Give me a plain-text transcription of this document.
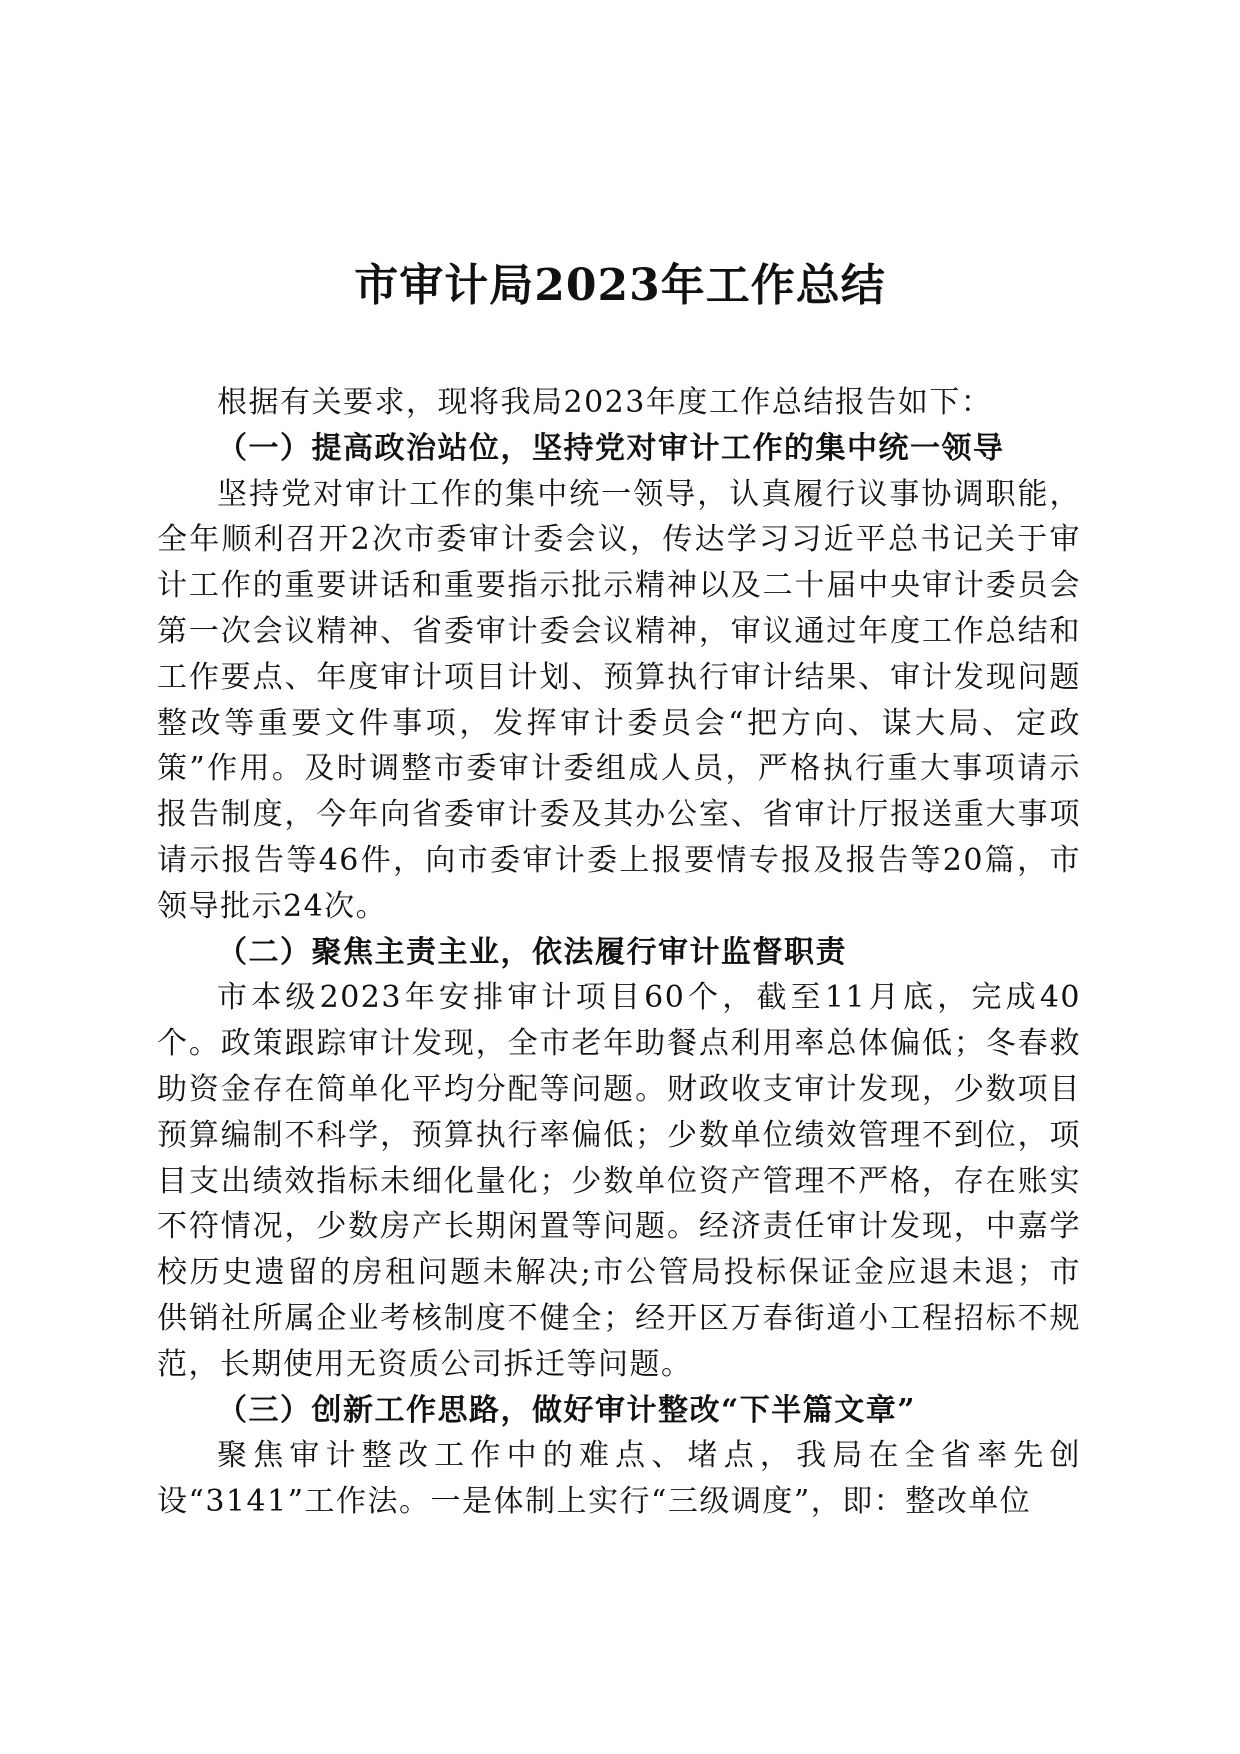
市审计局2023年工作总结

根据有关要求，现将我局2023年度工作总结报告如下：

（一）提高政治站位，坚持党对审计工作的集中统一领导

坚持党对审计工作的集中统一领导，认真履行议事协调职能，全年顺利召开2次市委审计委会议，传达学习习近平总书记关于审计工作的重要讲话和重要指示批示精神以及二十届中央审计委员会第一次会议精神、省委审计委会议精神，审议通过年度工作总结和工作要点、年度审计项目计划、预算执行审计结果、审计发现问题整改等重要文件事项，发挥审计委员会“把方向、谋大局、定政策”作用。及时调整市委审计委组成人员，严格执行重大事项请示报告制度，今年向省委审计委及其办公室、省审计厅报送重大事项请示报告等46件，向市委审计委上报要情专报及报告等20篇，市领导批示24次。

（二）聚焦主责主业，依法履行审计监督职责

市本级2023年安排审计项目60个，截至11月底，完成40个。政策跟踪审计发现，全市老年助餐点利用率总体偏低；冬春救助资金存在简单化平均分配等问题。财政收支审计发现，少数项目预算编制不科学，预算执行率偏低；少数单位绩效管理不到位，项目支出绩效指标未细化量化；少数单位资产管理不严格，存在账实不符情况，少数房产长期闲置等问题。经济责任审计发现，中嘉学校历史遗留的房租问题未解决;市公管局投标保证金应退未退；市供销社所属企业考核制度不健全；经开区万春街道小工程招标不规范，长期使用无资质公司拆迁等问题。

（三）创新工作思路，做好审计整改“下半篇文章”

聚焦审计整改工作中的难点、堵点，我局在全省率先创设“3141”工作法。一是体制上实行“三级调度”，即：整改单位
